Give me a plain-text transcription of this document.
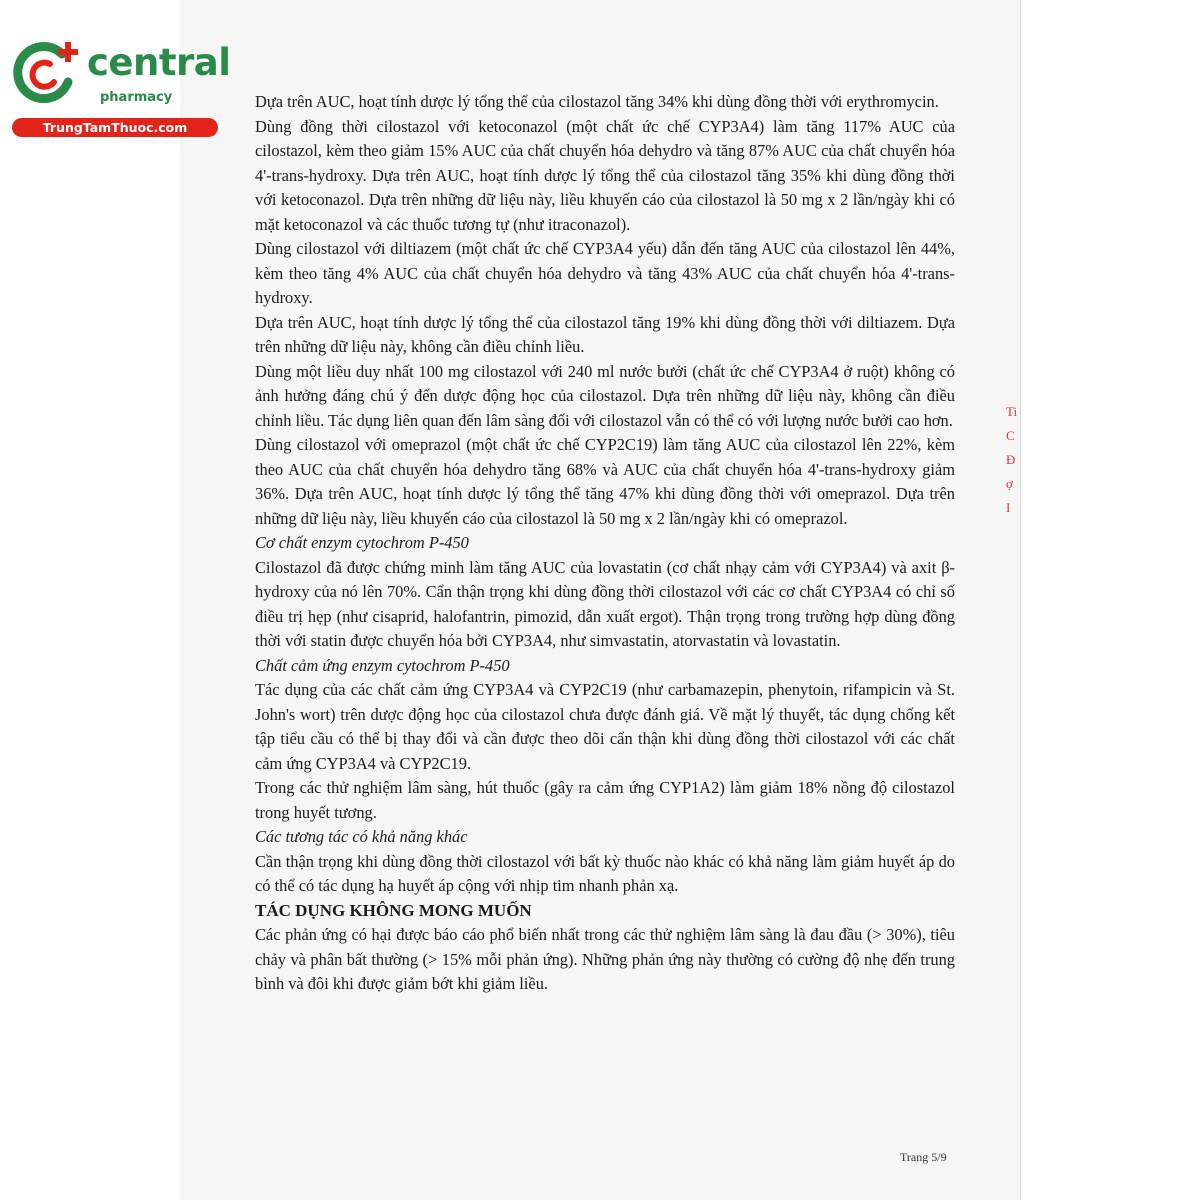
central
pharmacy
TrungTamThuoc.com

Dựa trên AUC, hoạt tính dược lý tổng thể của cilostazol tăng 34% khi dùng đồng thời với erythromycin.

Dùng đồng thời cilostazol với ketoconazol (một chất ức chế CYP3A4) làm tăng 117% AUC của cilostazol, kèm theo giảm 15% AUC của chất chuyển hóa dehydro và tăng 87% AUC của chất chuyển hóa 4'-trans-hydroxy. Dựa trên AUC, hoạt tính dược lý tổng thể của cilostazol tăng 35% khi dùng đồng thời với ketoconazol. Dựa trên những dữ liệu này, liều khuyến cáo của cilostazol là 50 mg x 2 lần/ngày khi có mặt ketoconazol và các thuốc tương tự (như itraconazol).

Dùng cilostazol với diltiazem (một chất ức chế CYP3A4 yếu) dẫn đến tăng AUC của cilostazol lên 44%, kèm theo tăng 4% AUC của chất chuyển hóa dehydro và tăng 43% AUC của chất chuyển hóa 4'-trans-hydroxy.

Dựa trên AUC, hoạt tính dược lý tổng thể của cilostazol tăng 19% khi dùng đồng thời với diltiazem. Dựa trên những dữ liệu này, không cần điều chỉnh liều.

Dùng một liều duy nhất 100 mg cilostazol với 240 ml nước bưởi (chất ức chế CYP3A4 ở ruột) không có ảnh hưởng đáng chú ý đến dược động học của cilostazol. Dựa trên những dữ liệu này, không cần điều chỉnh liều. Tác dụng liên quan đến lâm sàng đối với cilostazol vẫn có thể có với lượng nước bưởi cao hơn.

Dùng cilostazol với omeprazol (một chất ức chế CYP2C19) làm tăng AUC của cilostazol lên 22%, kèm theo AUC của chất chuyển hóa dehydro tăng 68% và AUC của chất chuyển hóa 4'-trans-hydroxy giảm 36%. Dựa trên AUC, hoạt tính dược lý tổng thể tăng 47% khi dùng đồng thời với omeprazol. Dựa trên những dữ liệu này, liều khuyến cáo của cilostazol là 50 mg x 2 lần/ngày khi có omeprazol.

Cơ chất enzym cytochrom P-450

Cilostazol đã được chứng minh làm tăng AUC của lovastatin (cơ chất nhạy cảm với CYP3A4) và axit β-hydroxy của nó lên 70%. Cẩn thận trọng khi dùng đồng thời cilostazol với các cơ chất CYP3A4 có chỉ số điều trị hẹp (như cisaprid, halofantrin, pimozid, dẫn xuất ergot). Thận trọng trong trường hợp dùng đồng thời với statin được chuyển hóa bởi CYP3A4, như simvastatin, atorvastatin và lovastatin.

Chất cảm ứng enzym cytochrom P-450

Tác dụng của các chất cảm ứng CYP3A4 và CYP2C19 (như carbamazepin, phenytoin, rifampicin và St. John's wort) trên dược động học của cilostazol chưa được đánh giá. Về mặt lý thuyết, tác dụng chống kết tập tiểu cầu có thể bị thay đổi và cần được theo dõi cẩn thận khi dùng đồng thời cilostazol với các chất cảm ứng CYP3A4 và CYP2C19.

Trong các thử nghiệm lâm sàng, hút thuốc (gây ra cảm ứng CYP1A2) làm giảm 18% nồng độ cilostazol trong huyết tương.

Các tương tác có khả năng khác

Cần thận trọng khi dùng đồng thời cilostazol với bất kỳ thuốc nào khác có khả năng làm giảm huyết áp do có thể có tác dụng hạ huyết áp cộng với nhịp tim nhanh phản xạ.

TÁC DỤNG KHÔNG MONG MUỐN

Các phản ứng có hại được báo cáo phổ biến nhất trong các thử nghiệm lâm sàng là đau đầu (> 30%), tiêu chảy và phân bất thường (> 15% mỗi phản ứng). Những phản ứng này thường có cường độ nhẹ đến trung bình và đôi khi được giảm bớt khi giảm liều.

Ti
C
Đ
ợ
I
Trang 5/9
